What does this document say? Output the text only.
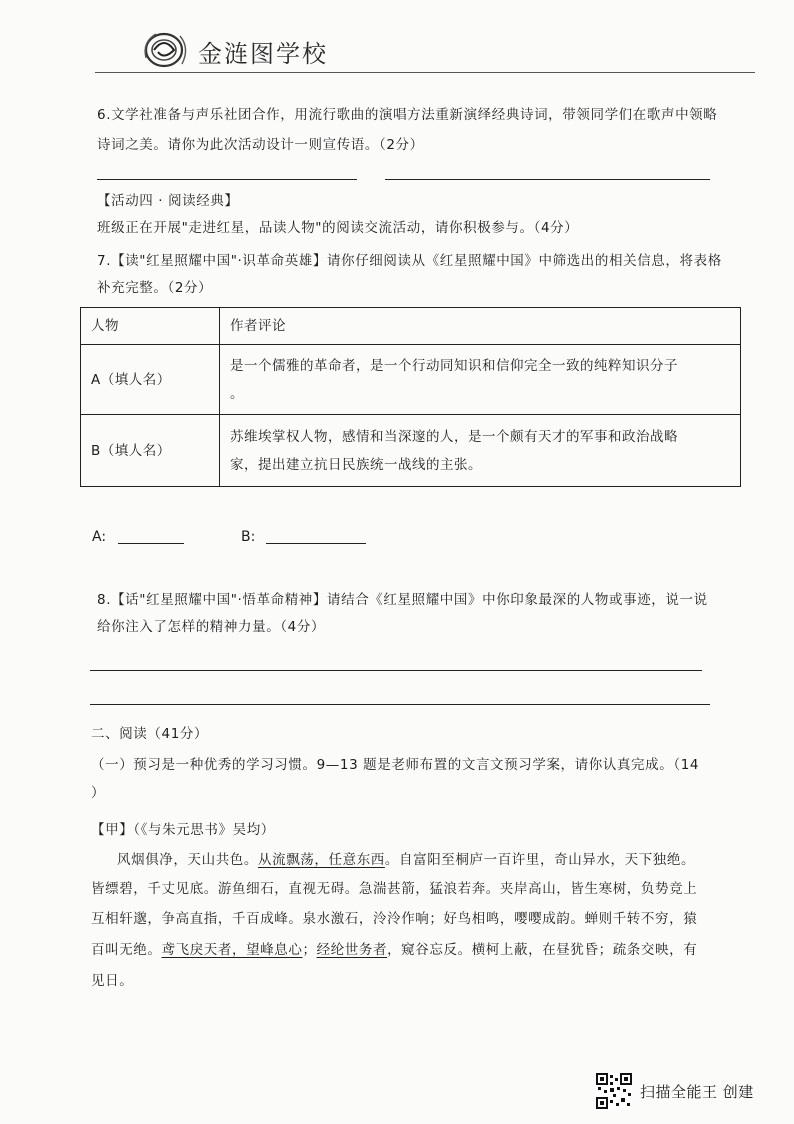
金涟图学校
6.文学社准备与声乐社团合作，用流行歌曲的演唱方法重新演绎经典诗词，带领同学们在歌声中领略
诗词之美。请你为此次活动设计一则宣传语。（2分）
【活动四 · 阅读经典】
班级正在开展"走进红星，品读人物"的阅读交流活动，请你积极参与。（4分）
7.【读"红星照耀中国"·识革命英雄】请你仔细阅读从《红星照耀中国》中筛选出的相关信息，将表格
补充完整。（2分）
人物	作者评论
A（填人名）	是一个儒雅的革命者，是一个行动同知识和信仰完全一致的纯粹知识分子
。

B（填人名）	苏维埃掌权人物，感情和当深邃的人，是一个颇有天才的军事和政治战略
家，提出建立抗日民族统一战线的主张。
A:	B:
8.【话"红星照耀中国"·悟革命精神】请结合《红星照耀中国》中你印象最深的人物或事迹，说一说
给你注入了怎样的精神力量。（4分）
二、阅读（41分）
（一）预习是一种优秀的学习习惯。9—13 题是老师布置的文言文预习学案，请你认真完成。（14
）
【甲】（《与朱元思书》吴均）
风烟俱净，天山共色。从流飘荡，任意东西。自富阳至桐庐一百许里，奇山异水，天下独绝。
皆缥碧，千丈见底。游鱼细石，直视无碍。急湍甚箭，猛浪若奔。夹岸高山，皆生寒树，负势竞上
互相轩邈，争高直指，千百成峰。泉水激石，泠泠作响；好鸟相鸣，嘤嘤成韵。蝉则千转不穷，猿
百叫无绝。鸢飞戾天者，望峰息心；经纶世务者，窥谷忘反。横柯上蔽，在昼犹昏；疏条交映，有
见日。
扫描全能王 创建
